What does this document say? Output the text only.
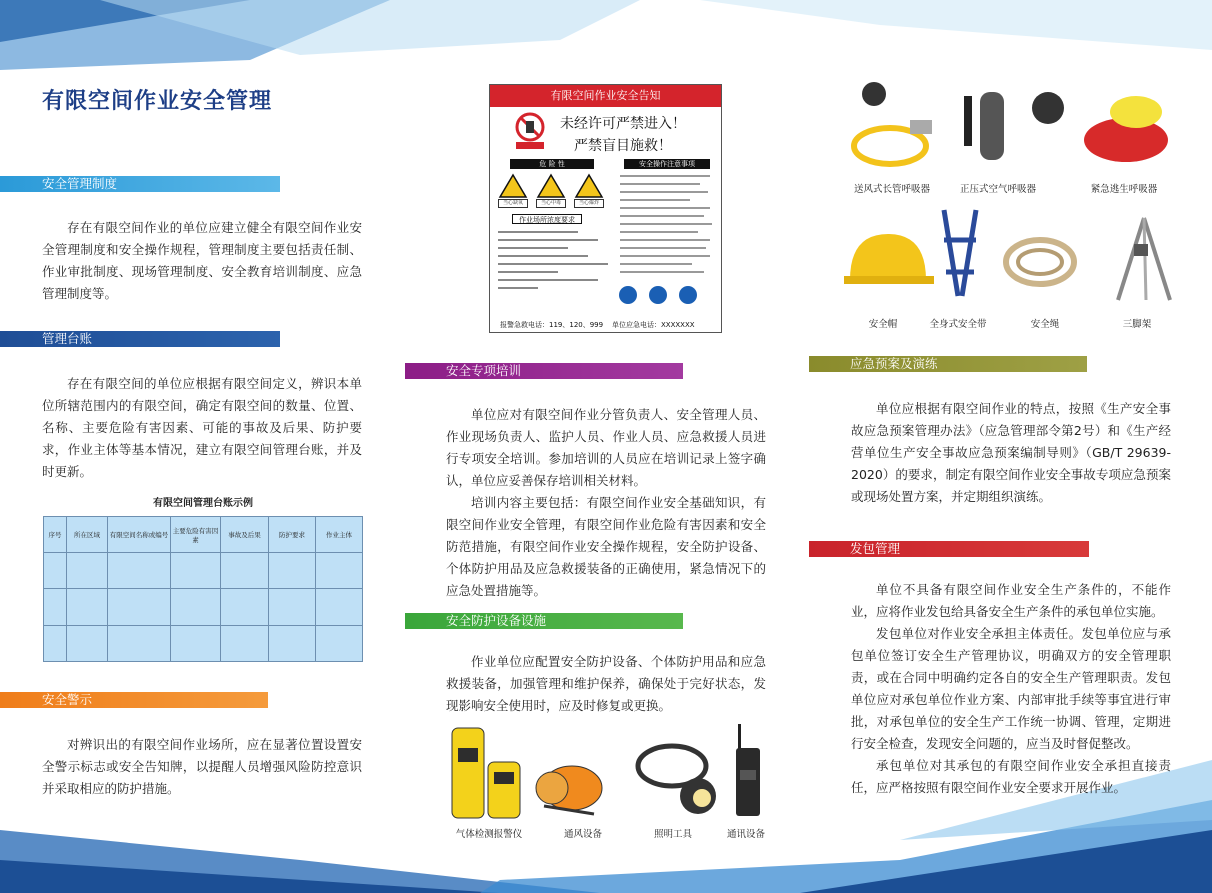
有限空间作业安全管理
安全管理制度
存在有限空间作业的单位应建立健全有限空间作业安全管理制度和安全操作规程，管理制度主要包括责任制、作业审批制度、现场管理制度、安全教育培训制度、应急管理制度等。
管理台账
存在有限空间的单位应根据有限空间定义，辨识本单位所辖范围内的有限空间，确定有限空间的数量、位置、名称、主要危险有害因素、可能的事故及后果、防护要求，作业主体等基本情况，建立有限空间管理台账，并及时更新。
有限空间管理台账示例
序号	所在区域	有限空间名称或编号	主要危险有害因素	事故及后果	防护要求	作业主体

安全警示
对辨识出的有限空间作业场所，应在显著位置设置安全警示标志或安全告知牌，以提醒人员增强风险防控意识并采取相应的防护措施。
有限空间作业安全告知
未经许可严禁进入！
严禁盲目施救！
危 险 性	安全操作注意事项
当心缺氧	当心中毒	当心爆炸
作业场所浓度要求
报警急救电话：119、120、999 单位应急电话：XXXXXXX
安全专项培训
单位应对有限空间作业分管负责人、安全管理人员、作业现场负责人、监护人员、作业人员、应急救援人员进行专项安全培训。参加培训的人员应在培训记录上签字确认，单位应妥善保存培训相关材料。
培训内容主要包括：有限空间作业安全基础知识，有限空间作业安全管理，有限空间作业危险有害因素和安全防范措施，有限空间作业安全操作规程，安全防护设备、个体防护用品及应急救援装备的正确使用，紧急情况下的应急处置措施等。
安全防护设备设施
作业单位应配置安全防护设备、个体防护用品和应急救援装备，加强管理和维护保养，确保处于完好状态，发现影响安全使用时，应及时修复或更换。
气体检测报警仪	通风设备	照明工具	通讯设备
送风式长管呼吸器	正压式空气呼吸器	紧急逃生呼吸器
安全帽	全身式安全带	安全绳	三脚架
应急预案及演练
单位应根据有限空间作业的特点，按照《生产安全事故应急预案管理办法》（应急管理部令第2号）和《生产经营单位生产安全事故应急预案编制导则》（GB/T 29639-2020）的要求，制定有限空间作业安全事故专项应急预案或现场处置方案，并定期组织演练。
发包管理
单位不具备有限空间作业安全生产条件的，不能作业，应将作业发包给具备安全生产条件的承包单位实施。
发包单位对作业安全承担主体责任。发包单位应与承包单位签订安全生产管理协议，明确双方的安全管理职责，或在合同中明确约定各自的安全生产管理职责。发包单位应对承包单位作业方案、内部审批手续等事宜进行审批，对承包单位的安全生产工作统一协调、管理，定期进行安全检查，发现安全问题的，应当及时督促整改。
承包单位对其承包的有限空间作业安全承担直接责任，应严格按照有限空间作业安全要求开展作业。
